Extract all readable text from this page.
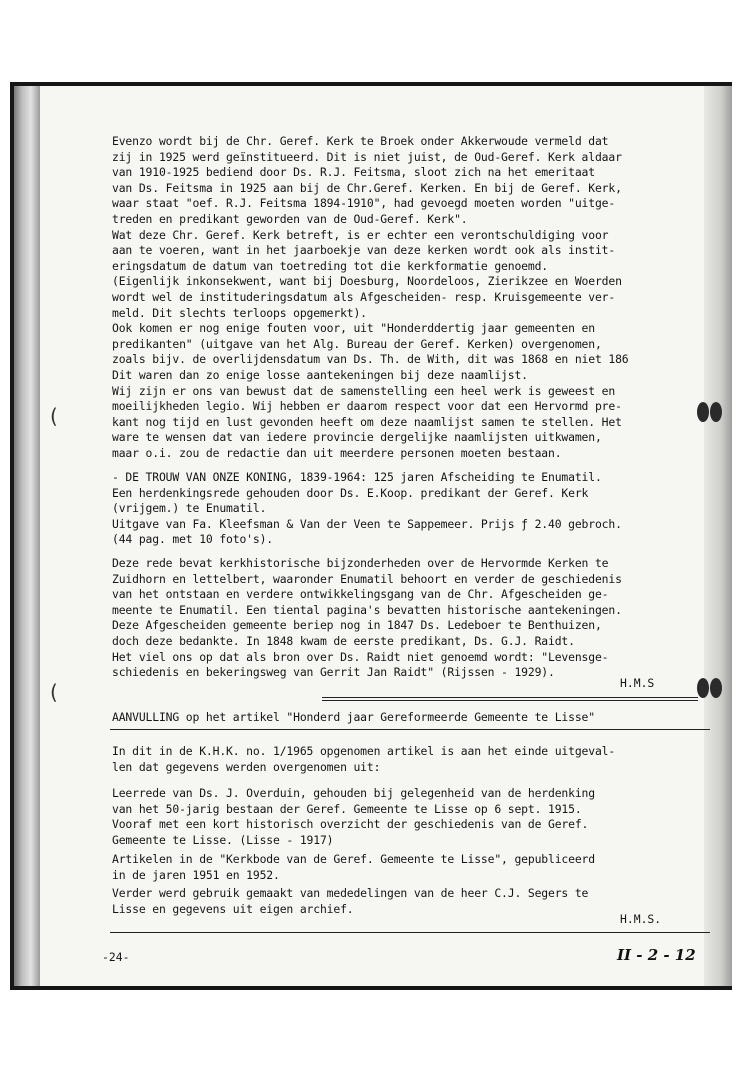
(
(
Evenzo wordt bij de Chr. Geref. Kerk te Broek onder Akkerwoude vermeld dat
zij in 1925 werd geïnstitueerd. Dit is niet juist, de Oud-Geref. Kerk aldaar
van 1910-1925 bediend door Ds. R.J. Feitsma, sloot zich na het emeritaat
van Ds. Feitsma in 1925 aan bij de Chr.Geref. Kerken. En bij de Geref. Kerk,
waar staat "oef. R.J. Feitsma 1894-1910", had gevoegd moeten worden "uitge-
treden en predikant geworden van de Oud-Geref. Kerk".
Wat deze Chr. Geref. Kerk betreft, is er echter een verontschuldiging voor
aan te voeren, want in het jaarboekje van deze kerken wordt ook als instit-
eringsdatum de datum van toetreding tot die kerkformatie genoemd.
(Eigenlijk inkonsekwent, want bij Doesburg, Noordeloos, Zierikzee en Woerden
wordt wel de instituderingsdatum als Afgescheiden- resp. Kruisgemeente ver-
meld. Dit slechts terloops opgemerkt).
Ook komen er nog enige fouten voor, uit "Honderddertig jaar gemeenten en
predikanten" (uitgave van het Alg. Bureau der Geref. Kerken) overgenomen,
zoals bijv. de overlijdensdatum van Ds. Th. de With, dit was 1868 en niet 186
Dit waren dan zo enige losse aantekeningen bij deze naamlijst.
Wij zijn er ons van bewust dat de samenstelling een heel werk is geweest en
moeilijkheden legio. Wij hebben er daarom respect voor dat een Hervormd pre-
kant nog tijd en lust gevonden heeft om deze naamlijst samen te stellen. Het
ware te wensen dat van iedere provincie dergelijke naamlijsten uitkwamen,
maar o.i. zou de redactie dan uit meerdere personen moeten bestaan.
- DE TROUW VAN ONZE KONING, 1839-1964: 125 jaren Afscheiding te Enumatil.
Een herdenkingsrede gehouden door Ds. E.Koop. predikant der Geref. Kerk
(vrijgem.) te Enumatil.
Uitgave van Fa. Kleefsman & Van der Veen te Sappemeer. Prijs ƒ 2.40 gebroch.
(44 pag. met 10 foto's).
Deze rede bevat kerkhistorische bijzonderheden over de Hervormde Kerken te
Zuidhorn en lettelbert, waaronder Enumatil behoort en verder de geschiedenis
van het ontstaan en verdere ontwikkelingsgang van de Chr. Afgescheiden ge-
meente te Enumatil. Een tiental pagina's bevatten historische aantekeningen.
Deze Afgescheiden gemeente beriep nog in 1847 Ds. Ledeboer te Benthuizen,
doch deze bedankte. In 1848 kwam de eerste predikant, Ds. G.J. Raidt.
Het viel ons op dat als bron over Ds. Raidt niet genoemd wordt: "Levensge-
schiedenis en bekeringsweg van Gerrit Jan Raidt" (Rijssen - 1929).
H.M.S
AANVULLING op het artikel "Honderd jaar Gereformeerde Gemeente te Lisse"
In dit in de K.H.K. no. 1/1965 opgenomen artikel is aan het einde uitgeval-
len dat gegevens werden overgenomen uit:
Leerrede van Ds. J. Overduin, gehouden bij gelegenheid van de herdenking
van het 50-jarig bestaan der Geref. Gemeente te Lisse op 6 sept. 1915.
Vooraf met een kort historisch overzicht der geschiedenis van de Geref.
Gemeente te Lisse. (Lisse - 1917)
Artikelen in de "Kerkbode van de Geref. Gemeente te Lisse", gepubliceerd
in de jaren 1951 en 1952.
Verder werd gebruik gemaakt van mededelingen van de heer C.J. Segers te
Lisse en gegevens uit eigen archief.
H.M.S.
-24-	II - 2 - 12
